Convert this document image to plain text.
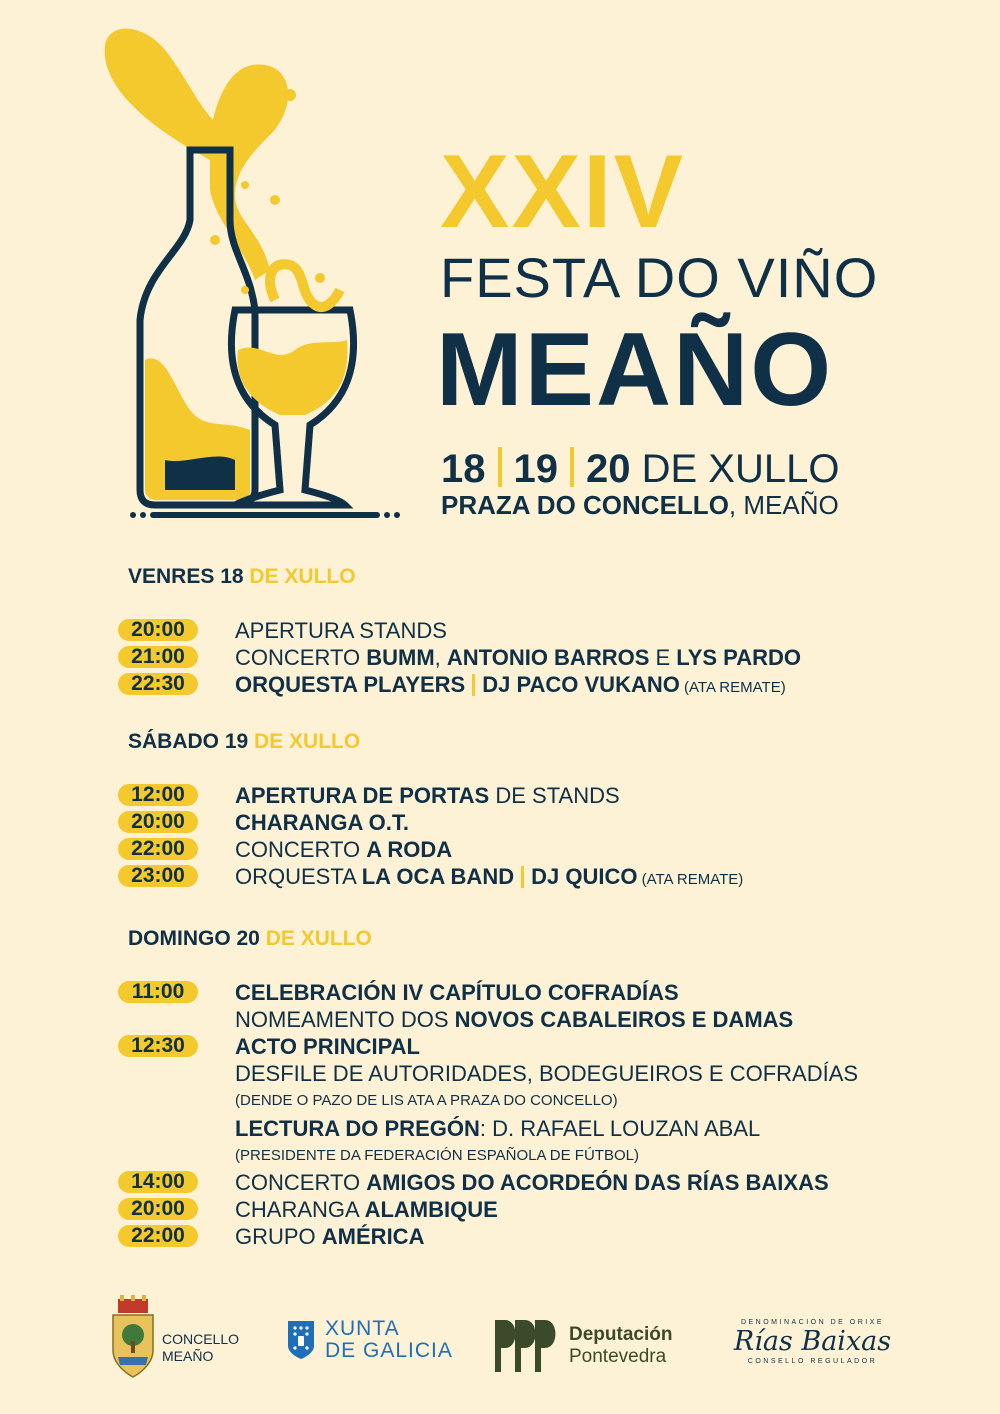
XXIV
FESTA DO VIÑO
MEAÑO
18 19 20 DE XULLO
PRAZA DO CONCELLO, MEAÑO
VENRES 18 DE XULLO
20:00	APERTURA STANDS
21:00	CONCERTO BUMM, ANTONIO BARROS E LYS PARDO
22:30	ORQUESTA PLAYERS DJ PACO VUKANO (ATA REMATE)
SÁBADO 19 DE XULLO
12:00	APERTURA DE PORTAS DE STANDS
20:00	CHARANGA O.T.
22:00	CONCERTO A RODA
23:00	ORQUESTA LA OCA BAND DJ QUICO (ATA REMATE)
DOMINGO 20 DE XULLO
11:00	CELEBRACIÓN IV CAPÍTULO COFRADÍAS
NOMEAMENTO DOS NOVOS CABALEIROS E DAMAS
12:30	ACTO PRINCIPAL
DESFILE DE AUTORIDADES, BODEGUEIROS E COFRADÍAS
(DENDE O PAZO DE LIS ATA A PRAZA DO CONCELLO)
LECTURA DO PREGÓN: D. RAFAEL LOUZAN ABAL
(PRESIDENTE DA FEDERACIÓN ESPAÑOLA DE FÚTBOL)
14:00	CONCERTO AMIGOS DO ACORDEÓN DAS RÍAS BAIXAS
20:00	CHARANGA ALAMBIQUE
22:00	GRUPO AMÉRICA
CONCELLO
MEAÑO
XUNTA
DE GALICIA
Deputación
Pontevedra
DENOMINACION DE ORIXE
Rías Baixas
CONSELLO REGULADOR
